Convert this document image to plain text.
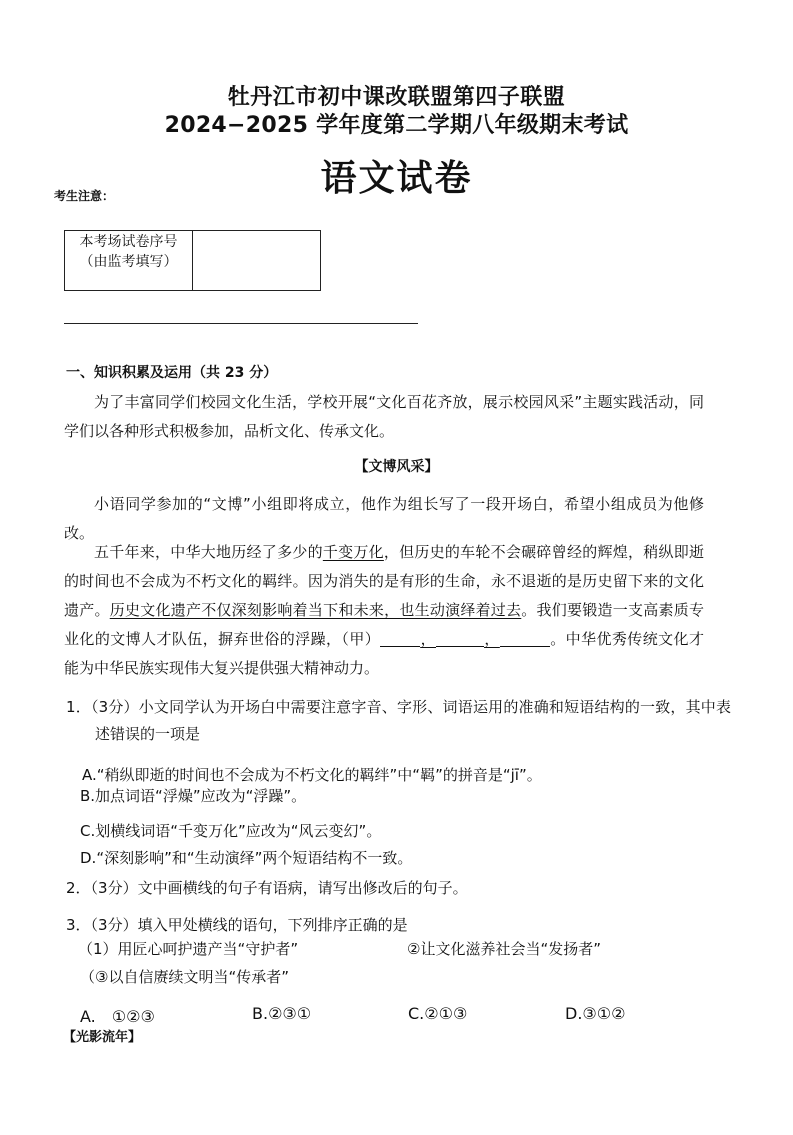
牡丹江市初中课改联盟第四子联盟
2024−2025 学年度第二学期八年级期末考试
语文试卷
考生注意：
本考场试卷序号
（由监考填写）
一、知识积累及运用（共 23 分）
为了丰富同学们校园文化生活，学校开展“文化百花齐放，展示校园风采”主题实践活动，同学们以各种形式积极参加，品析文化、传承文化。
【文博风采】
小语同学参加的“文博”小组即将成立，他作为组长写了一段开场白，希望小组成员为他修改。
五千年来，中华大地历经了多少的千变万化，但历史的车轮不会碾碎曾经的辉煌，稍纵即逝的时间也不会成为不朽文化的羁绊。因为消失的是有形的生命，永不退逝的是历史留下来的文化遗产。历史文化遗产不仅深刻影响着当下和未来，也生动演绎着过去。我们要锻造一支高素质专业化的文博人才队伍，摒弃世俗的浮躁，（甲）	，	，	。中华优秀传统文化才能为中华民族实现伟大复兴提供强大精神动力。
1．（3分）小文同学认为开场白中需要注意字音、字形、词语运用的准确和短语结构的一致，其中表述错误的一项是
A.“稍纵即逝的时间也不会成为不朽文化的羁绊”中“羁”的拼音是“jī”。
B.加点词语“浮燥”应改为“浮躁”。
C.划横线词语“千变万化”应改为“风云变幻”。
D.“深刻影响”和“生动演绎”两个短语结构不一致。
2．（3分）文中画横线的句子有语病，请写出修改后的句子。
3．（3分）填入甲处横线的语句，下列排序正确的是
（1）用匠心呵护遗产当“守护者”	②让文化滋养社会当“发扬者”
（③以自信赓续文明当“传承者”
A.　①②③	B.②③①	C.②①③	D.③①②
【光影流年】
